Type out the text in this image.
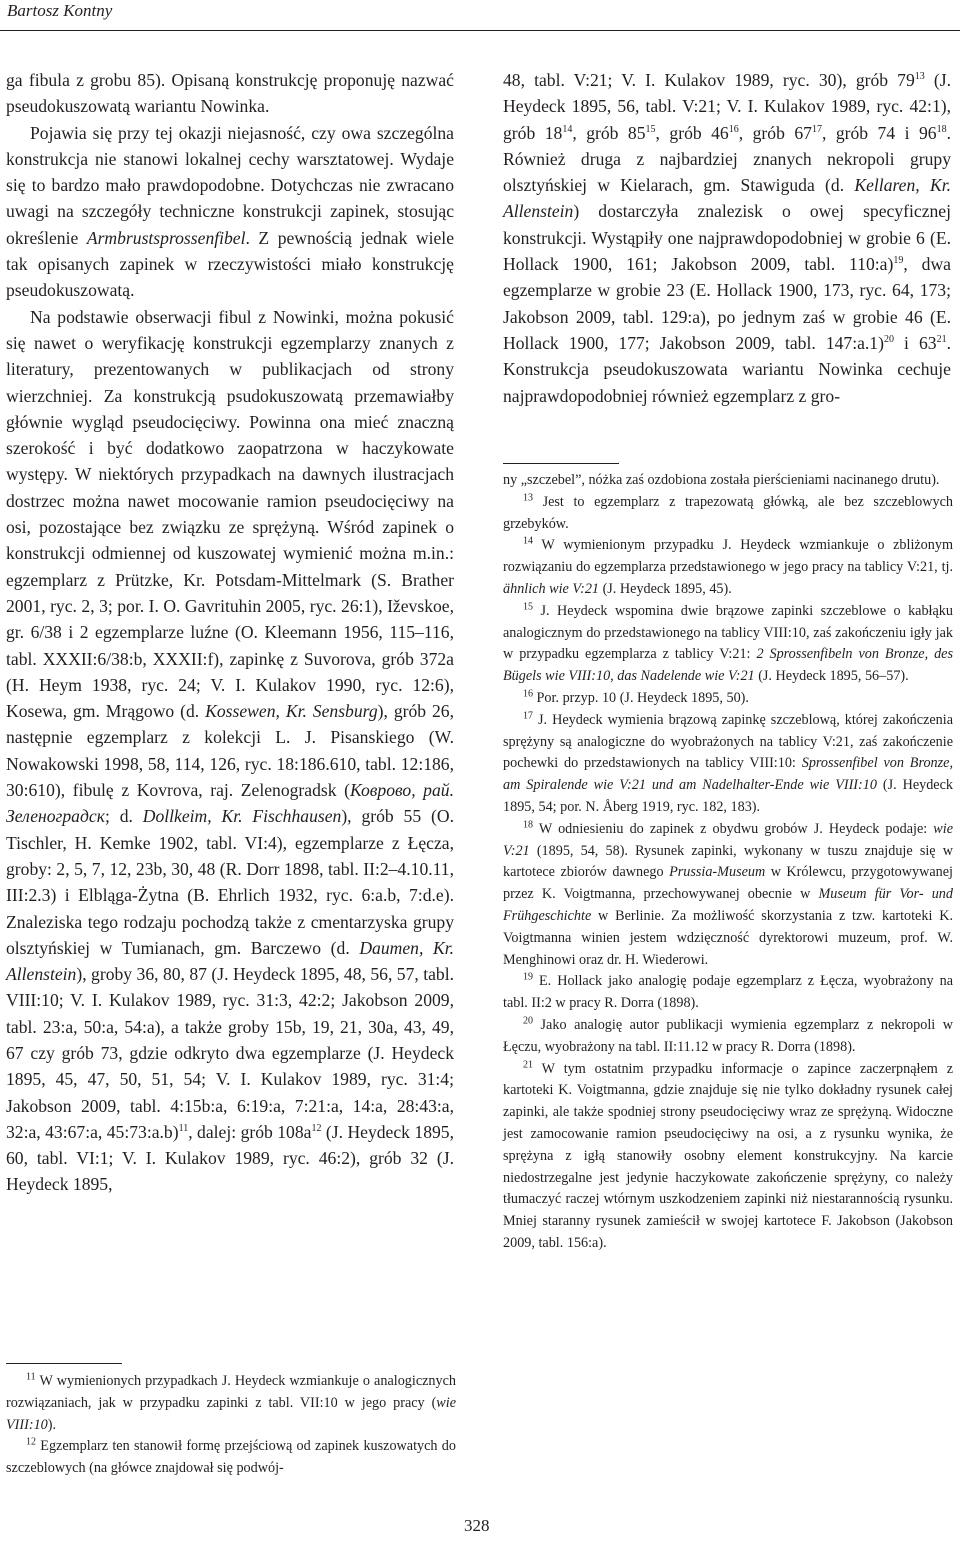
Bartosz Kontny

ga fibula z grobu 85). Opisaną konstrukcję proponuję nazwać pseudokuszowatą wariantu Nowinka.

Pojawia się przy tej okazji niejasność, czy owa szczególna konstrukcja nie stanowi lokalnej cechy warsztatowej. Wydaje się to bardzo mało prawdopodobne. Dotychczas nie zwracano uwagi na szczegóły techniczne konstrukcji zapinek, stosując określenie Armbrustsprossenfibel. Z pewnością jednak wiele tak opisanych zapinek w rzeczywistości miało konstrukcję pseudokuszowatą.

Na podstawie obserwacji fibul z Nowinki, można pokusić się nawet o weryfikację konstrukcji egzemplarzy znanych z literatury, prezentowanych w publikacjach od strony wierzchniej. Za konstrukcją psudokuszowatą przemawiałby głównie wygląd pseudocięciwy. Powinna ona mieć znaczną szerokość i być dodatkowo zaopatrzona w haczykowate występy. W niektórych przypadkach na dawnych ilustracjach dostrzec można nawet mocowanie ramion pseudocięciwy na osi, pozostające bez związku ze sprężyną. Wśród zapinek o konstrukcji odmiennej od kuszowatej wymienić można m.in.: egzemplarz z Prützke, Kr. Potsdam-Mittelmark (S. Brather 2001, ryc. 2, 3; por. I. O. Gavrituhin 2005, ryc. 26:1), Iževskoe, gr. 6/38 i 2 egzemplarze luźne (O. Kleemann 1956, 115–116, tabl. XXXII:6/38:b, XXXII:f), zapinkę z Suvorova, grób 372a (H. Heym 1938, ryc. 24; V. I. Kulakov 1990, ryc. 12:6), Kosewa, gm. Mrągowo (d. Kossewen, Kr. Sensburg), grób 26, następnie egzemplarz z kolekcji L. J. Pisanskiego (W. Nowakowski 1998, 58, 114, 126, ryc. 18:186.610, tabl. 12:186, 30:610), fibulę z Kovrova, raj. Zelenogradsk (Коврово, рай. Зеленоградск; d. Dollkeim, Kr. Fischhausen), grób 55 (O. Tischler, H. Kemke 1902, tabl. VI:4), egzemplarze z Łęcza, groby: 2, 5, 7, 12, 23b, 30, 48 (R. Dorr 1898, tabl. II:2–4.10.11, III:2.3) i Elbląga-Żytna (B. Ehrlich 1932, ryc. 6:a.b, 7:d.e). Znaleziska tego rodzaju pochodzą także z cmentarzyska grupy olsztyńskiej w Tumianach, gm. Barczewo (d. Daumen, Kr. Allenstein), groby 36, 80, 87 (J. Heydeck 1895, 48, 56, 57, tabl. VIII:10; V. I. Kulakov 1989, ryc. 31:3, 42:2; Jakobson 2009, tabl. 23:a, 50:a, 54:a), a także groby 15b, 19, 21, 30a, 43, 49, 67 czy grób 73, gdzie odkryto dwa egzemplarze (J. Heydeck 1895, 45, 47, 50, 51, 54; V. I. Kulakov 1989, ryc. 31:4; Jakobson 2009, tabl. 4:15b:a, 6:19:a, 7:21:a, 14:a, 28:43:a, 32:a, 43:67:a, 45:73:a.b)$^{11}$, dalej: grób $108a^{12}$ (J. Heydeck 1895, 60, tabl. VI:1; V. I. Kulakov 1989, ryc. 46:2), grób 32 (J. Heydeck 1895,

48, tabl. V:21; V. I. Kulakov 1989, ryc. 30), grób $79^{13}$ (J. Heydeck 1895, 56, tabl. V:21; V. I. Kulakov 1989, ryc. 42:1), grób $18^{14}$, grób $85^{15}$, grób $46^{16}$, grób $67^{17}$, grób 74 i $96^{18}$. Również druga z najbardziej znanych nekropoli grupy olsztyńskiej w Kielarach, gm. Stawiguda (d. Kellaren, Kr. Allenstein) dostarczyła znalezisk o owej specyficznej konstrukcji. Wystąpiły one najprawdopodobniej w grobie 6 (E. Hollack 1900, 161; Jakobson 2009, tabl. 110:a)$^{19}$, dwa egzemplarze w grobie 23 (E. Hollack 1900, 173, ryc. 64, 173; Jakobson 2009, tabl. 129:a), po jednym zaś w grobie 46 (E. Hollack 1900, 177; Jakobson 2009, tabl. 147:a.1)$^{20}$ i $63^{21}$. Konstrukcja pseudokuszowata wariantu Nowinka cechuje najprawdopodobniej również egzemplarz z gro-

$^{11}$ W wymienionych przypadkach J. Heydeck wzmiankuje o analogicznych rozwiązaniach, jak w przypadku zapinki z tabl. VII:10 w jego pracy (wie VIII:10).

$^{12}$ Egzemplarz ten stanowił formę przejściową od zapinek kuszowatych do szczeblowych (na główce znajdował się podwój-

ny „szczebel”, nóżka zaś ozdobiona została pierścieniami nacinanego drutu).

$^{13}$ Jest to egzemplarz z trapezowatą główką, ale bez szczeblowych grzebyków.

$^{14}$ W wymienionym przypadku J. Heydeck wzmiankuje o zbliżonym rozwiązaniu do egzemplarza przedstawionego w jego pracy na tablicy V:21, tj. ähnlich wie V:21 (J. Heydeck 1895, 45).

$^{15}$ J. Heydeck wspomina dwie brązowe zapinki szczeblowe o kabłąku analogicznym do przedstawionego na tablicy VIII:10, zaś zakończeniu igły jak w przypadku egzemplarza z tablicy V:21: 2 Sprossenfibeln von Bronze, des Bügels wie VIII:10, das Nadelende wie V:21 (J. Heydeck 1895, 56–57).

$^{16}$ Por. przyp. 10 (J. Heydeck 1895, 50).

$^{17}$ J. Heydeck wymienia brązową zapinkę szczeblową, której zakończenia sprężyny są analogiczne do wyobrażonych na tablicy V:21, zaś zakończenie pochewki do przedstawionych na tablicy VIII:10: Sprossenfibel von Bronze, am Spiralende wie V:21 und am Nadelhalter-Ende wie VIII:10 (J. Heydeck 1895, 54; por. N. Åberg 1919, ryc. 182, 183).

$^{18}$ W odniesieniu do zapinek z obydwu grobów J. Heydeck podaje: wie V:21 (1895, 54, 58). Rysunek zapinki, wykonany w tuszu znajduje się w kartotece zbiorów dawnego Prussia-Museum w Królewcu, przygotowywanej przez K. Voigtmanna, przechowywanej obecnie w Museum für Vor- und Frühgeschichte w Berlinie. Za możliwość skorzystania z tzw. kartoteki K. Voigtmanna winien jestem wdzięczność dyrektorowi muzeum, prof. W. Menghinowi oraz dr. H. Wiederowi.

$^{19}$ E. Hollack jako analogię podaje egzemplarz z Łęcza, wyobrażony na tabl. II:2 w pracy R. Dorra (1898).

$^{20}$ Jako analogię autor publikacji wymienia egzemplarz z nekropoli w Łęczu, wyobrażony na tabl. II:11.12 w pracy R. Dorra (1898).

$^{21}$ W tym ostatnim przypadku informacje o zapince zaczerpnąłem z kartoteki K. Voigtmanna, gdzie znajduje się nie tylko dokładny rysunek całej zapinki, ale także spodniej strony pseudocięciwy wraz ze sprężyną. Widoczne jest zamocowanie ramion pseudocięciwy na osi, a z rysunku wynika, że sprężyna z igłą stanowiły osobny element konstrukcyjny. Na karcie niedostrzegalne jest jedynie haczykowate zakończenie sprężyny, co należy tłumaczyć raczej wtórnym uszkodzeniem zapinki niż niestarannością rysunku. Mniej staranny rysunek zamieścił w swojej kartotece F. Jakobson (Jakobson 2009, tabl. 156:a).

328
